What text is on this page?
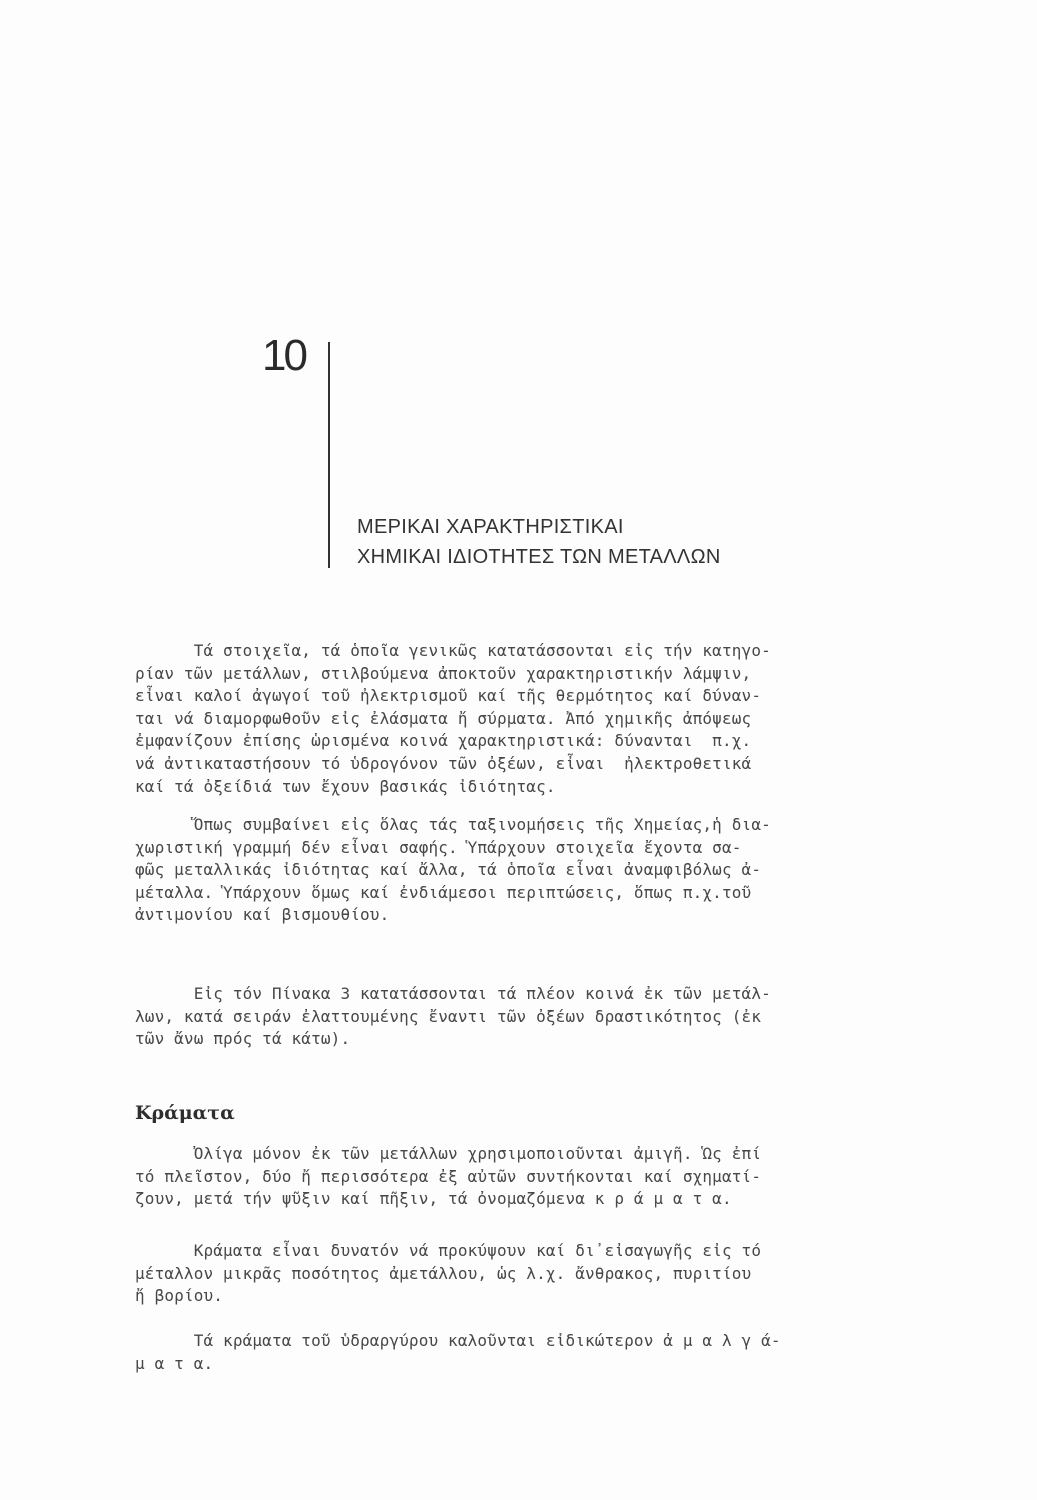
10
ΜΕΡΙΚΑΙ ΧΑΡΑΚΤΗΡΙΣΤΙΚΑΙ
ΧΗΜΙΚΑΙ ΙΔΙΟΤΗΤΕΣ ΤΩΝ ΜΕΤΑΛΛΩΝ
Τά στοιχεῖα, τά ὁποῖα γενικῶς κατατάσσονται εἰς τήν κατηγο-
ρίαν τῶν μετάλλων, στιλβούμενα ἀποκτοῦν χαρακτηριστικήν λάμψιν,
εἶναι καλοί ἀγωγοί τοῦ ἠλεκτρισμοῦ καί τῆς θερμότητος καί δύναν-
ται νά διαμορφωθοῦν εἰς ἐλάσματα ἤ σύρματα. Ἀπό χημικῆς ἀπόψεως
ἐμφανίζουν ἐπίσης ὡρισμένα κοινά χαρακτηριστικά: δύνανται  π.χ.
νά ἀντικαταστήσουν τό ὑδρογόνον τῶν ὀξέων, εἶναι  ἠλεκτροθετικά
καί τά ὀξείδιά των ἔχουν βασικάς ἰδιότητας.
Ὅπως συμβαίνει εἰς ὅλας τάς ταξινομήσεις τῆς Χημείας,ἡ δια-
χωριστική γραμμή δέν εἶναι σαφής. Ὑπάρχουν στοιχεῖα ἔχοντα σα-
φῶς μεταλλικάς ἰδιότητας καί ἄλλα, τά ὁποῖα εἶναι ἀναμφιβόλως ἀ-
μέταλλα. Ὑπάρχουν ὅμως καί ἐνδιάμεσοι περιπτώσεις, ὅπως π.χ.τοῦ
ἀντιμονίου καί βισμουθίου.
Εἰς τόν Πίνακα 3 κατατάσσονται τά πλέον κοινά ἐκ τῶν μετάλ-
λων, κατά σειράν ἐλαττουμένης ἔναντι τῶν ὀξέων δραστικότητος (ἐκ
τῶν ἄνω πρός τά κάτω).
Κράματα
Ὀλίγα μόνον ἐκ τῶν μετάλλων χρησιμοποιοῦνται ἀμιγῆ. Ὡς ἐπί
τό πλεῖστον, δύο ἤ περισσότερα ἐξ αὐτῶν συντήκονται καί σχηματί-
ζουν, μετά τήν ψῦξιν καί πῆξιν, τά ὀνομαζόμενα κ ρ ά μ α τ α.
Κράματα εἶναι δυνατόν νά προκύψουν καί δι᾽εἰσαγωγῆς εἰς τό
μέταλλον μικρᾶς ποσότητος ἀμετάλλου, ὡς λ.χ. ἄνθρακος, πυριτίου
ἤ βορίου.
Τά κράματα τοῦ ὑδραργύρου καλοῦνται εἰδικώτερον ἀ μ α λ γ ά-
μ α τ α.
